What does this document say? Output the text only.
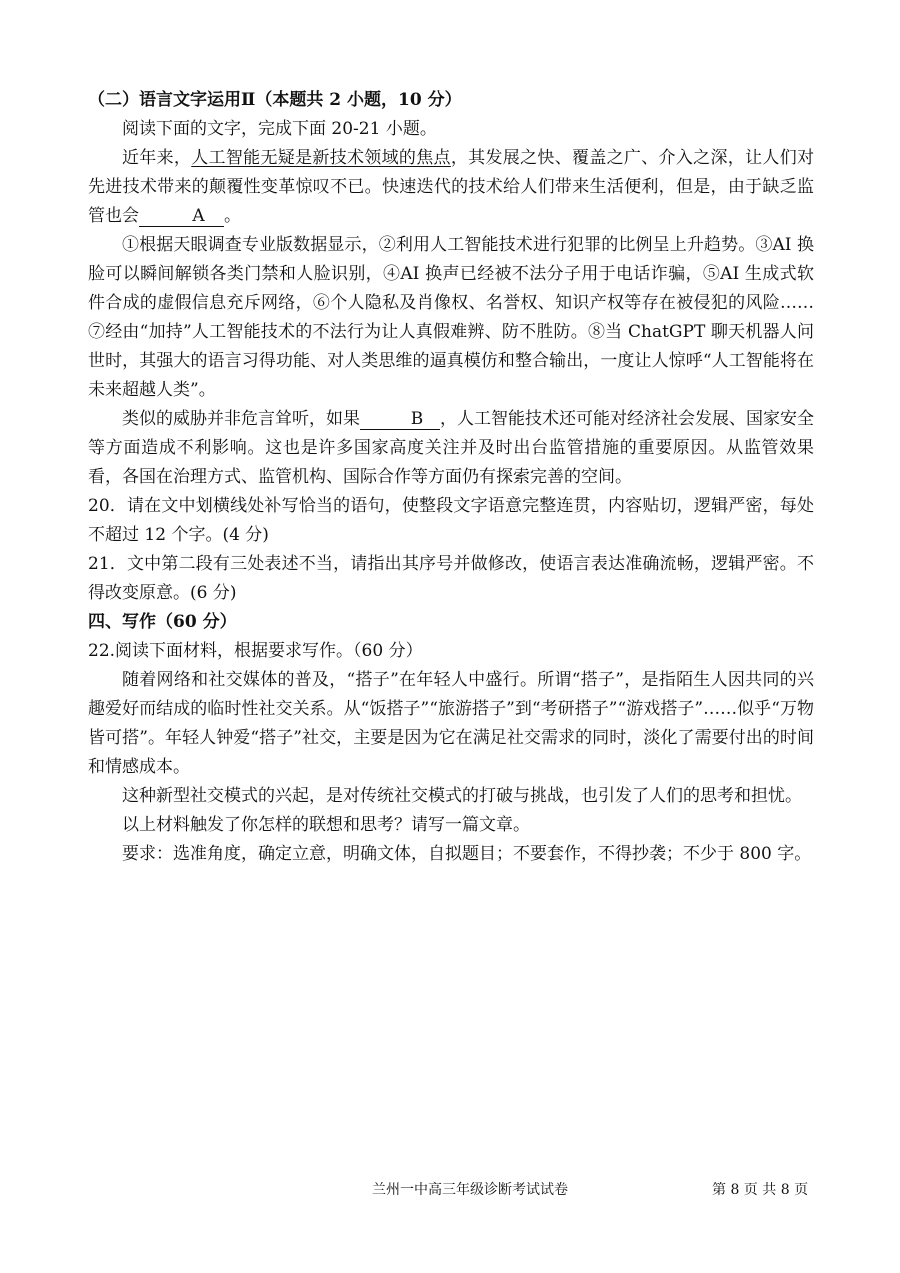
（二）语言文字运用Ⅱ（本题共 2 小题，10 分）

阅读下面的文字，完成下面 20-21 小题。

近年来，人工智能无疑是新技术领域的焦点，其发展之快、覆盖之广、介入之深，让人们对先进技术带来的颠覆性变革惊叹不已。快速迭代的技术给人们带来生活便利，但是，由于缺乏监管也会	A 。

①根据天眼调查专业版数据显示，②利用人工智能技术进行犯罪的比例呈上升趋势。③AI 换脸可以瞬间解锁各类门禁和人脸识别，④AI 换声已经被不法分子用于电话诈骗，⑤AI 生成式软件合成的虚假信息充斥网络，⑥个人隐私及肖像权、名誉权、知识产权等存在被侵犯的风险……⑦经由“加持”人工智能技术的不法行为让人真假难辨、防不胜防。⑧当 ChatGPT 聊天机器人问世时，其强大的语言习得功能、对人类思维的逼真模仿和整合输出，一度让人惊呼“人工智能将在未来超越人类”。

类似的威胁并非危言耸听，如果	B ，人工智能技术还可能对经济社会发展、国家安全等方面造成不利影响。这也是许多国家高度关注并及时出台监管措施的重要原因。从监管效果看，各国在治理方式、监管机构、国际合作等方面仍有探索完善的空间。

20．请在文中划横线处补写恰当的语句，使整段文字语意完整连贯，内容贴切，逻辑严密，每处不超过 12 个字。(4 分)

21．文中第二段有三处表述不当，请指出其序号并做修改，使语言表达准确流畅，逻辑严密。不得改变原意。(6 分)

四、写作（60 分）

22.阅读下面材料，根据要求写作。（60 分）

随着网络和社交媒体的普及，“搭子”在年轻人中盛行。所谓“搭子”，是指陌生人因共同的兴趣爱好而结成的临时性社交关系。从“饭搭子”“旅游搭子”到“考研搭子”“游戏搭子”……似乎“万物皆可搭”。年轻人钟爱“搭子”社交，主要是因为它在满足社交需求的同时，淡化了需要付出的时间和情感成本。

这种新型社交模式的兴起，是对传统社交模式的打破与挑战，也引发了人们的思考和担忧。

以上材料触发了你怎样的联想和思考？请写一篇文章。

要求：选准角度，确定立意，明确文体，自拟题目；不要套作，不得抄袭；不少于 800 字。

兰州一中高三年级诊断考试试卷	第 8 页 共 8 页
